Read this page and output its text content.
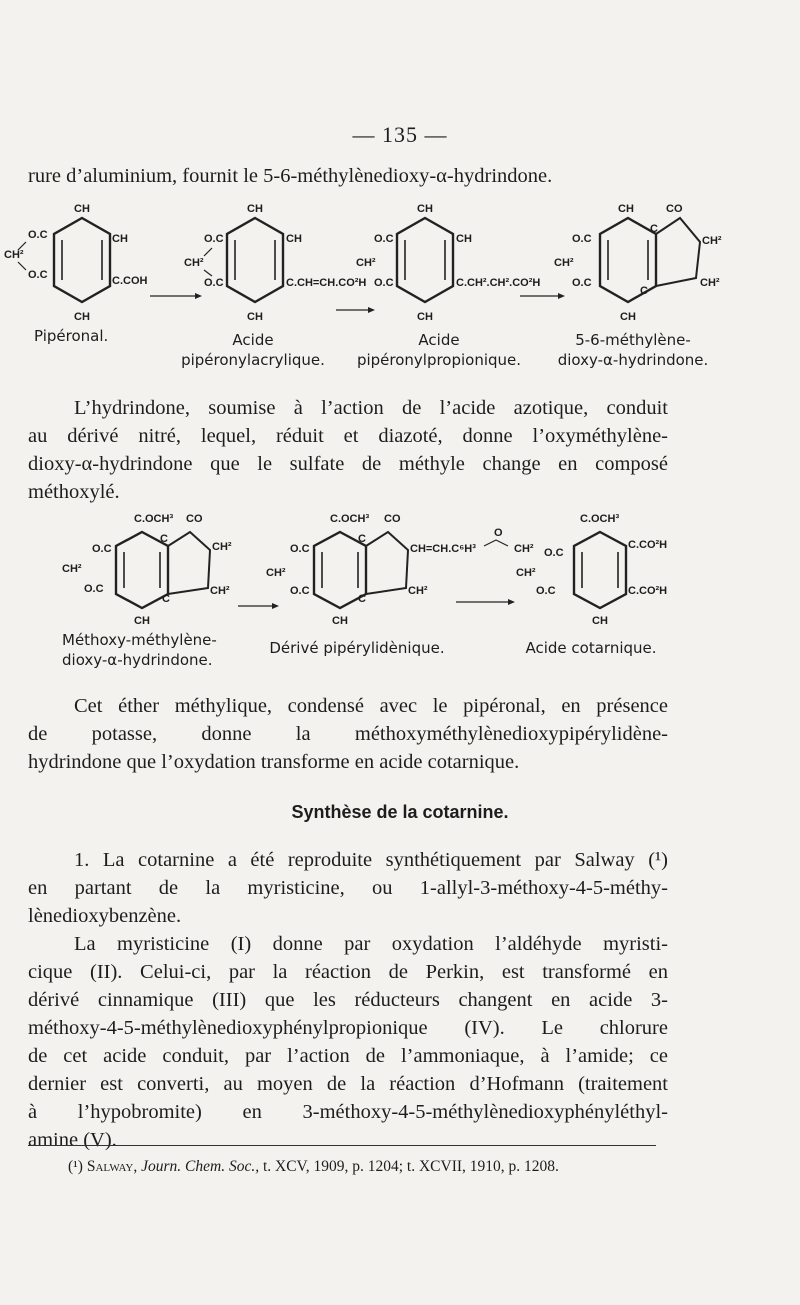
— 135 —
rure d’aluminium, fournit le 5-6-méthylènedioxy-α-hydrindone.
CH
CH
C.COH
CH
O.C
CH²
O.C
CH
CH
C.CH=CH.CO²H
CH
O.C
CH²
O.C
CH
CH
C.CH².CH².CO²H
CH
O.C
CH²
O.C
CH	CO
C
C
CH²
CH²
CH
O.C
CH²
O.C
Pipéronal.	Acide
pipéronylacrylique.
Acide
pipéronylpropionique.
5-6-méthylène-
dioxy-α-hydrindone.
L’hydrindone, soumise à l’action de l’acide azotique, conduit
au dérivé nitré, lequel, réduit et diazoté, donne l’oxyméthylène-
dioxy-α-hydrindone que le sulfate de méthyle change en composé
méthoxylé.
C.OCH³ CO
C
C
CH²
CH²
CH
O.C
CH²
O.C
C.OCH³ CO
C
C
CH=CH.C⁶H³
O
CH²
CH²
CH
O.C
CH²
O.C
C.OCH³
C.CO²H
C.CO²H
CH
O.C
CH²
O.C
Méthoxy-méthylène-
dioxy-α-hydrindone.
Dérivé pipérylidènique.	Acide cotarnique.
Cet éther méthylique, condensé avec le pipéronal, en présence
de potasse, donne la méthoxyméthylènedioxypipérylidène-
hydrindone que l’oxydation transforme en acide cotarnique.
Synthèse de la cotarnine.
1. La cotarnine a été reproduite synthétiquement par Salway (¹)
en partant de la myristicine, ou 1-allyl-3-méthoxy-4-5-méthy-
lènedioxybenzène.
La myristicine (I) donne par oxydation l’aldéhyde myristi-
cique (II). Celui-ci, par la réaction de Perkin, est transformé en
dérivé cinnamique (III) que les réducteurs changent en acide 3-
méthoxy-4-5-méthylènedioxyphénylpropionique (IV). Le chlorure
de cet acide conduit, par l’action de l’ammoniaque, à l’amide; ce
dernier est converti, au moyen de la réaction d’Hofmann (traitement
à l’hypobromite) en 3-méthoxy-4-5-méthylènedioxyphényléthyl-
amine (V).
(¹) Salway, Journ. Chem. Soc., t. XCV, 1909, p. 1204; t. XCVII, 1910, p. 1208.
